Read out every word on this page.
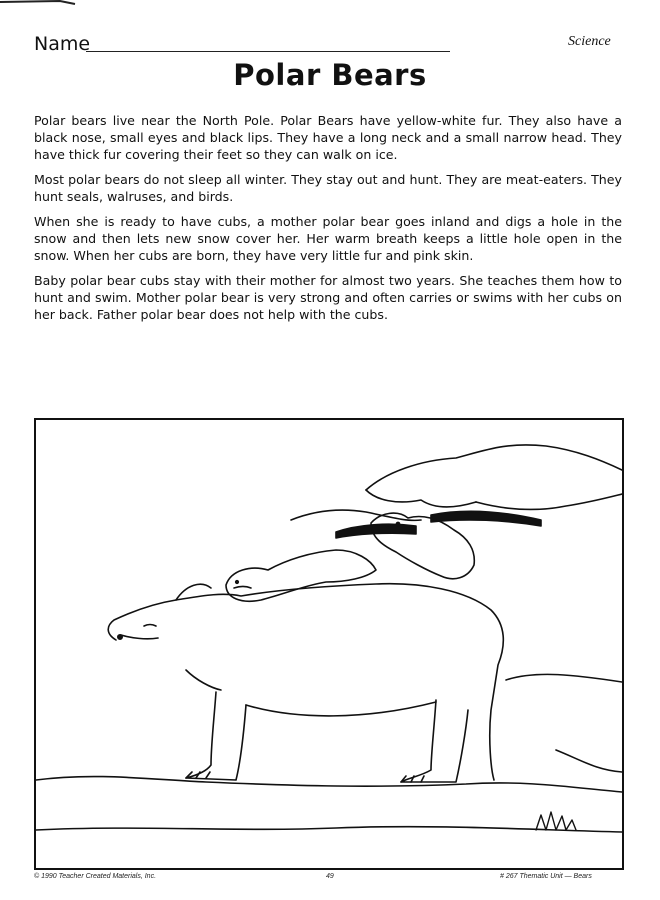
Name	Science
Polar Bears

Polar bears live near the North Pole. Polar Bears have yellow-white fur. They also have a black nose, small eyes and black lips. They have a long neck and a small narrow head. They have thick fur covering their feet so they can walk on ice.

Most polar bears do not sleep all winter. They stay out and hunt. They are meat-eaters. They hunt seals, walruses, and birds.

When she is ready to have cubs, a mother polar bear goes inland and digs a hole in the snow and then lets new snow cover her. Her warm breath keeps a little hole open in the snow. When her cubs are born, they have very little fur and pink skin.

Baby polar bear cubs stay with their mother for almost two years. She teaches them how to hunt and swim. Mother polar bear is very strong and often carries or swims with her cubs on her back. Father polar bear does not help with the cubs.

© 1990 Teacher Created Materials, Inc.	49	# 267 Thematic Unit — Bears
